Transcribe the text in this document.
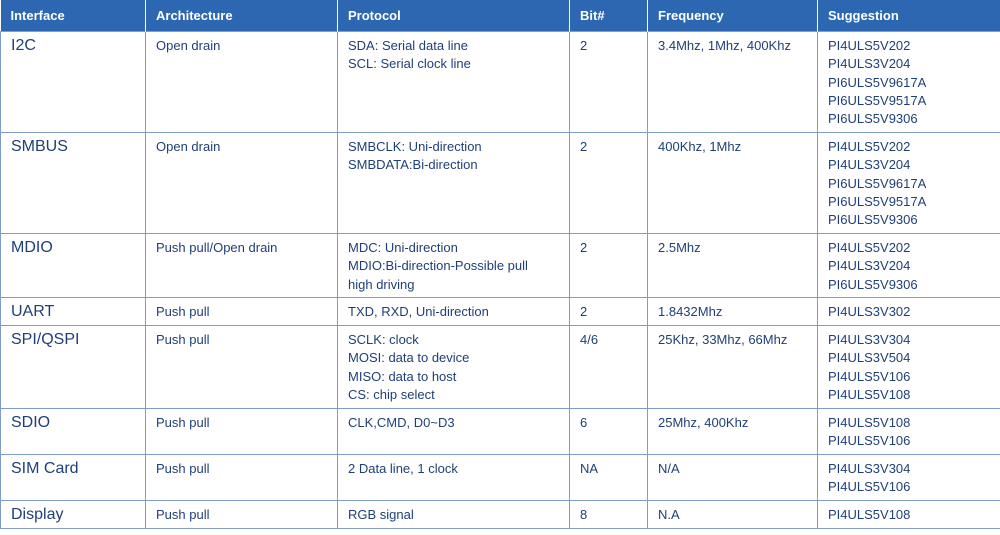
Interface	Architecture	Protocol	Bit#	Frequency	Suggestion

I2C	Open drain	SDA: Serial data line
SCL: Serial clock line	2	3.4Mhz, 1Mhz, 400Khz	PI4ULS5V202
PI4ULS3V204
PI6ULS5V9617A
PI6ULS5V9517A
PI6ULS5V9306

SMBUS	Open drain	SMBCLK: Uni-direction
SMBDATA:Bi-direction	2	400Khz, 1Mhz	PI4ULS5V202
PI4ULS3V204
PI6ULS5V9617A
PI6ULS5V9517A
PI6ULS5V9306

MDIO	Push pull/Open drain	MDC: Uni-direction
MDIO:Bi-direction-Possible pull
high driving	2	2.5Mhz	PI4ULS5V202
PI4ULS3V204
PI6ULS5V9306

UART	Push pull	TXD, RXD, Uni-direction	2	1.8432Mhz	PI4ULS3V302

SPI/QSPI	Push pull	SCLK: clock
MOSI: data to device
MISO: data to host
CS: chip select	4/6	25Khz, 33Mhz, 66Mhz	PI4ULS3V304
PI4ULS3V504
PI4ULS5V106
PI4ULS5V108

SDIO	Push pull	CLK,CMD, D0~D3	6	25Mhz, 400Khz	PI4ULS5V108
PI4ULS5V106

SIM Card	Push pull	2 Data line, 1 clock	NA	N/A	PI4ULS3V304
PI4ULS5V106

Display	Push pull	RGB signal	8	N.A	PI4ULS5V108
